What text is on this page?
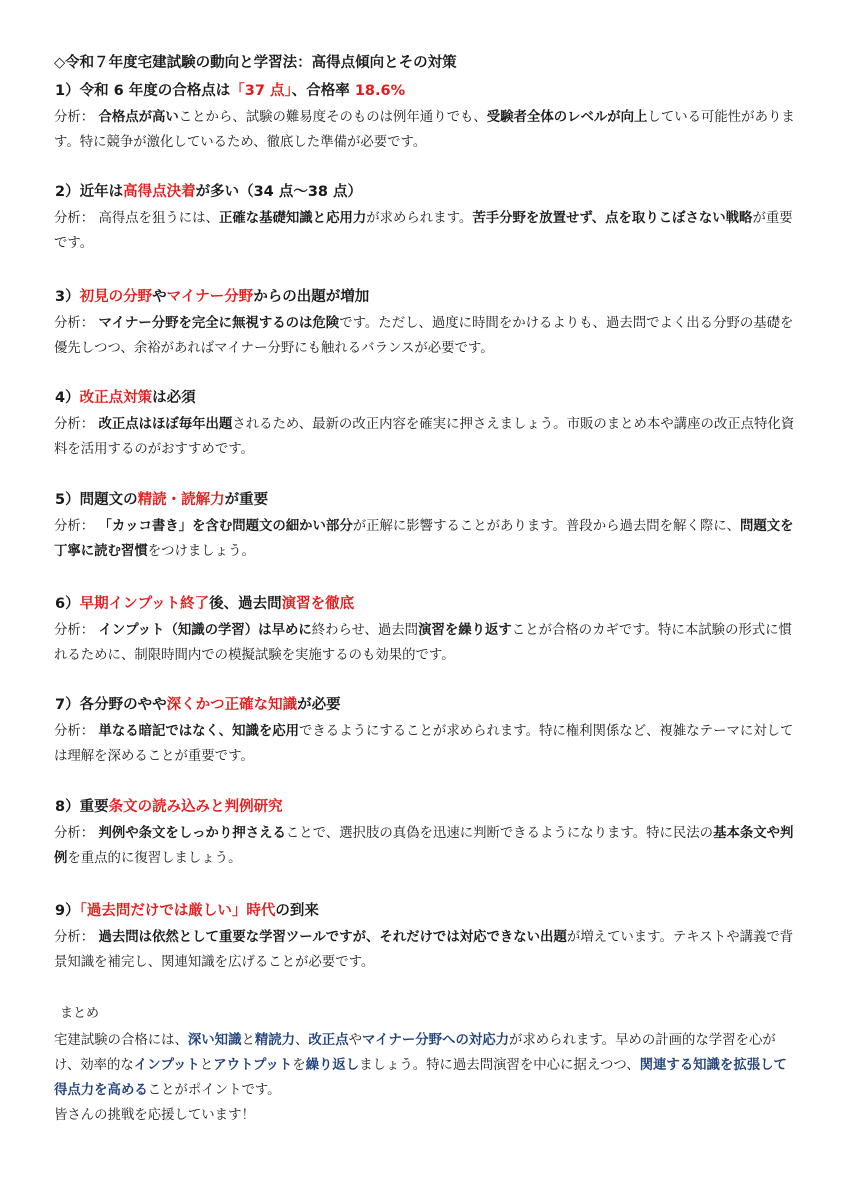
◇令和７年度宅建試験の動向と学習法：高得点傾向とその対策
1）令和 6 年度の合格点は「37 点」、合格率 18.6%
分析： 合格点が高いことから、試験の難易度そのものは例年通りでも、受験者全体のレベルが向上している可能性があります。特に競争が激化しているため、徹底した準備が必要です。
2）近年は高得点決着が多い（34 点～38 点）
分析： 高得点を狙うには、正確な基礎知識と応用力が求められます。苦手分野を放置せず、点を取りこぼさない戦略が重要です。
3）初見の分野やマイナー分野からの出題が増加
分析： マイナー分野を完全に無視するのは危険です。ただし、過度に時間をかけるよりも、過去問でよく出る分野の基礎を優先しつつ、余裕があればマイナー分野にも触れるバランスが必要です。
4）改正点対策は必須
分析： 改正点はほぼ毎年出題されるため、最新の改正内容を確実に押さえましょう。市販のまとめ本や講座の改正点特化資料を活用するのがおすすめです。
5）問題文の精読・読解力が重要
分析： 「カッコ書き」を含む問題文の細かい部分が正解に影響することがあります。普段から過去問を解く際に、問題文を丁寧に読む習慣をつけましょう。
6）早期インプット終了後、過去問演習を徹底
分析： インプット（知識の学習）は早めに終わらせ、過去問演習を繰り返すことが合格のカギです。特に本試験の形式に慣れるために、制限時間内での模擬試験を実施するのも効果的です。
7）各分野のやや深くかつ正確な知識が必要
分析： 単なる暗記ではなく、知識を応用できるようにすることが求められます。特に権利関係など、複雑なテーマに対しては理解を深めることが重要です。
8）重要条文の読み込みと判例研究
分析： 判例や条文をしっかり押さえることで、選択肢の真偽を迅速に判断できるようになります。特に民法の基本条文や判例を重点的に復習しましょう。
9）「過去問だけでは厳しい」時代の到来
分析： 過去問は依然として重要な学習ツールですが、それだけでは対応できない出題が増えています。テキストや講義で背景知識を補完し、関連知識を広げることが必要です。
まとめ
宅建試験の合格には、深い知識と精読力、改正点やマイナー分野への対応力が求められます。早めの計画的な学習を心がけ、効率的なインプットとアウトプットを繰り返しましょう。特に過去問演習を中心に据えつつ、関連する知識を拡張して得点力を高めることがポイントです。
皆さんの挑戦を応援しています！
